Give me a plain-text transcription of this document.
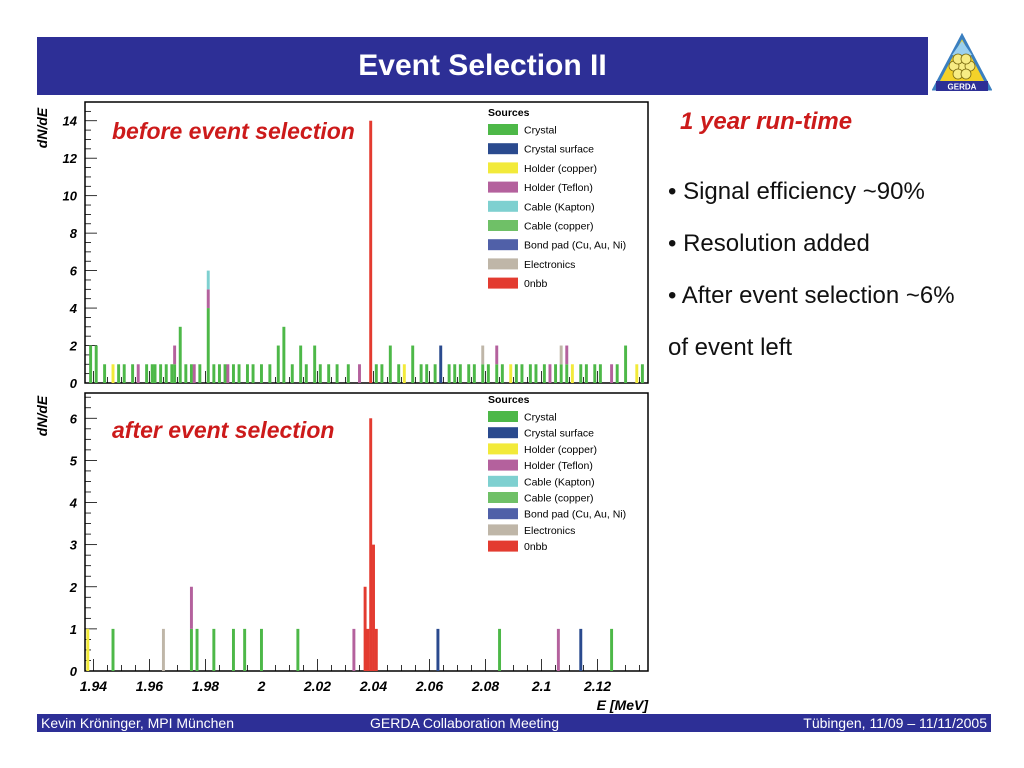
Event Selection II
GERDA
1 year run-time
• Signal efficiency ~90%
• Resolution added
• After event selection ~6%
of event left
0
2
4
6
8
10
12
14
dN/dE	before event selection
Sources
Crystal
Crystal surface
Holder (copper)
Holder (Teflon)
Cable (Kapton)
Cable (copper)
Bond pad (Cu, Au, Ni)
Electronics
0nbb
0
1
2
3
4
5
6
dN/dE
1.94 1.96 1.98	2	2.02 2.04 2.06 2.08 2.1 2.12
E [MeV]
after event selection
Sources
Crystal
Crystal surface
Holder (copper)
Holder (Teflon)
Cable (Kapton)
Cable (copper)
Bond pad (Cu, Au, Ni)
Electronics
0nbb
Kevin Kröninger, MPI München	GERDA Collaboration Meeting	Tübingen, 11/09 – 11/11/2005
